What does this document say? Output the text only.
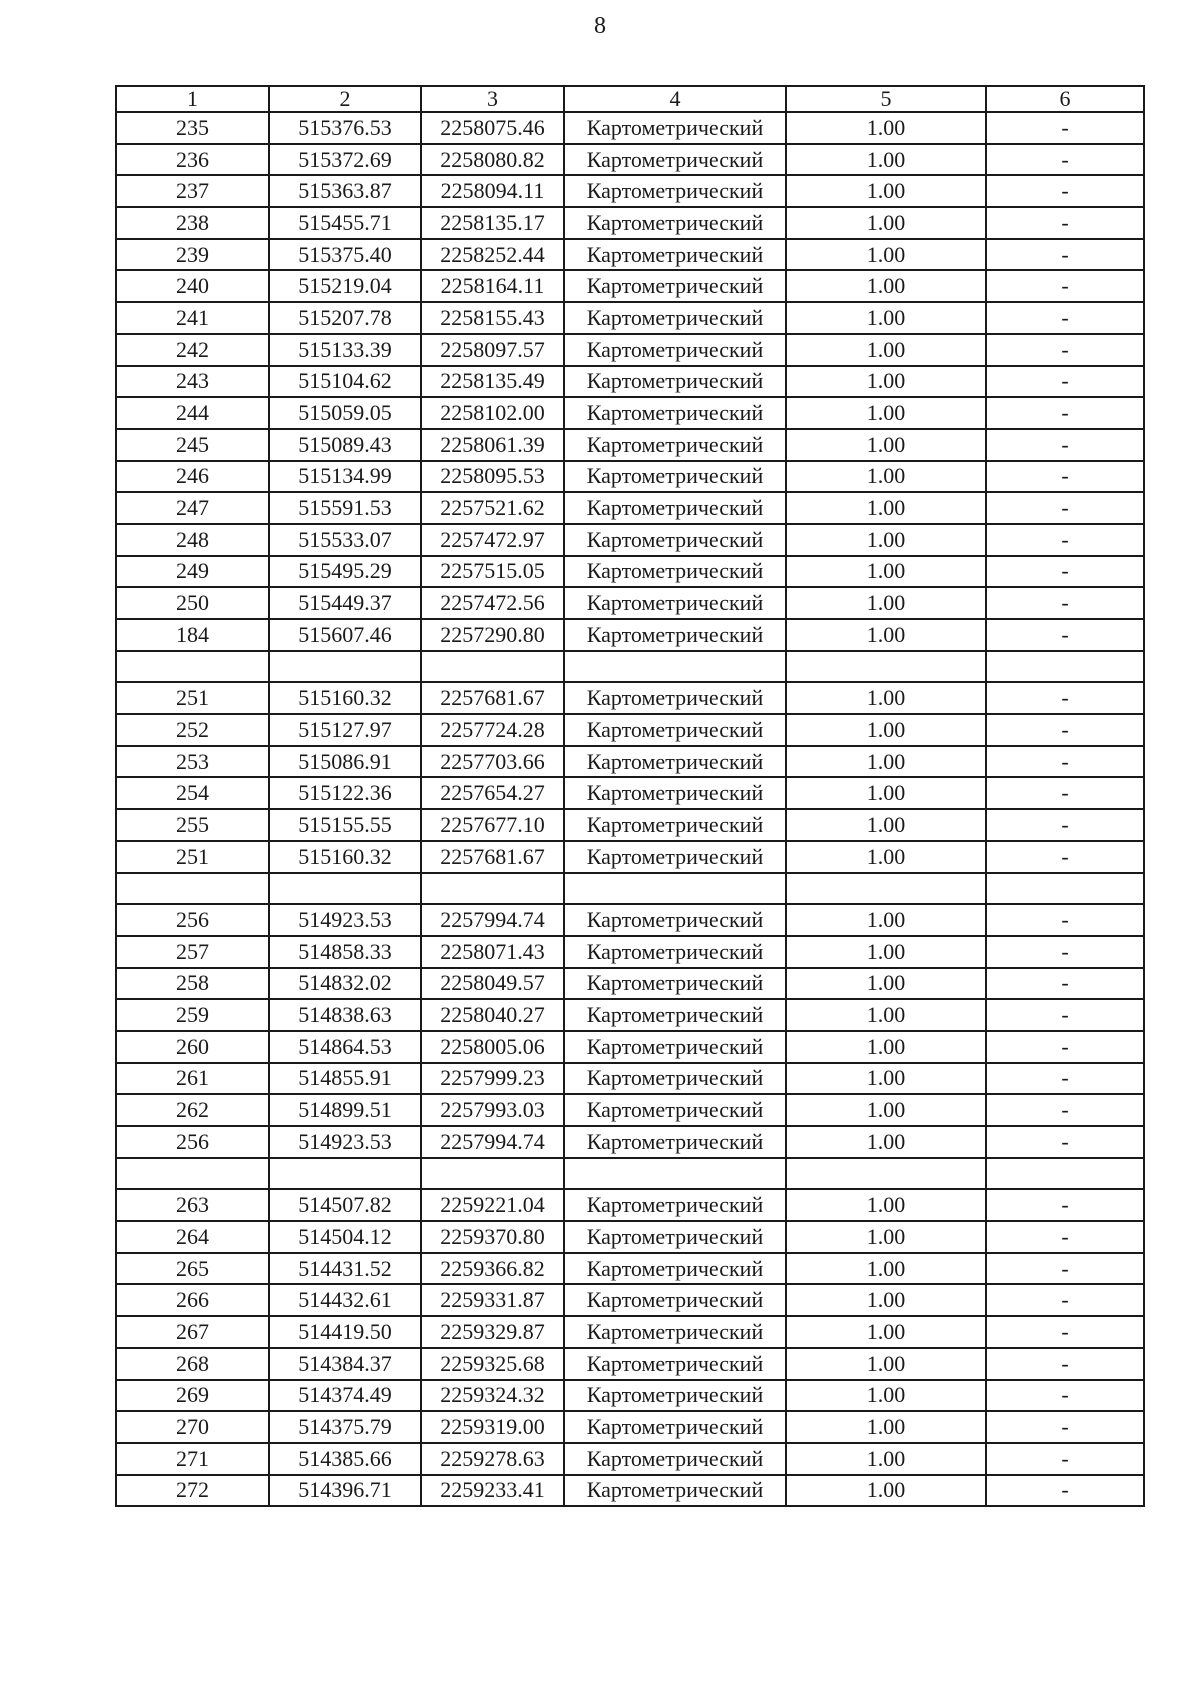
8
1	2	3	4	5	6
235	515376.53	2258075.46	Картометрический	1.00	-
236	515372.69	2258080.82	Картометрический	1.00	-
237	515363.87	2258094.11	Картометрический	1.00	-
238	515455.71	2258135.17	Картометрический	1.00	-
239	515375.40	2258252.44	Картометрический	1.00	-
240	515219.04	2258164.11	Картометрический	1.00	-
241	515207.78	2258155.43	Картометрический	1.00	-
242	515133.39	2258097.57	Картометрический	1.00	-
243	515104.62	2258135.49	Картометрический	1.00	-
244	515059.05	2258102.00	Картометрический	1.00	-
245	515089.43	2258061.39	Картометрический	1.00	-
246	515134.99	2258095.53	Картометрический	1.00	-
247	515591.53	2257521.62	Картометрический	1.00	-
248	515533.07	2257472.97	Картометрический	1.00	-
249	515495.29	2257515.05	Картометрический	1.00	-
250	515449.37	2257472.56	Картометрический	1.00	-
184	515607.46	2257290.80	Картометрический	1.00	-

251	515160.32	2257681.67	Картометрический	1.00	-
252	515127.97	2257724.28	Картометрический	1.00	-
253	515086.91	2257703.66	Картометрический	1.00	-
254	515122.36	2257654.27	Картометрический	1.00	-
255	515155.55	2257677.10	Картометрический	1.00	-
251	515160.32	2257681.67	Картометрический	1.00	-

256	514923.53	2257994.74	Картометрический	1.00	-
257	514858.33	2258071.43	Картометрический	1.00	-
258	514832.02	2258049.57	Картометрический	1.00	-
259	514838.63	2258040.27	Картометрический	1.00	-
260	514864.53	2258005.06	Картометрический	1.00	-
261	514855.91	2257999.23	Картометрический	1.00	-
262	514899.51	2257993.03	Картометрический	1.00	-
256	514923.53	2257994.74	Картометрический	1.00	-

263	514507.82	2259221.04	Картометрический	1.00	-
264	514504.12	2259370.80	Картометрический	1.00	-
265	514431.52	2259366.82	Картометрический	1.00	-
266	514432.61	2259331.87	Картометрический	1.00	-
267	514419.50	2259329.87	Картометрический	1.00	-
268	514384.37	2259325.68	Картометрический	1.00	-
269	514374.49	2259324.32	Картометрический	1.00	-
270	514375.79	2259319.00	Картометрический	1.00	-
271	514385.66	2259278.63	Картометрический	1.00	-
272	514396.71	2259233.41	Картометрический	1.00	-
